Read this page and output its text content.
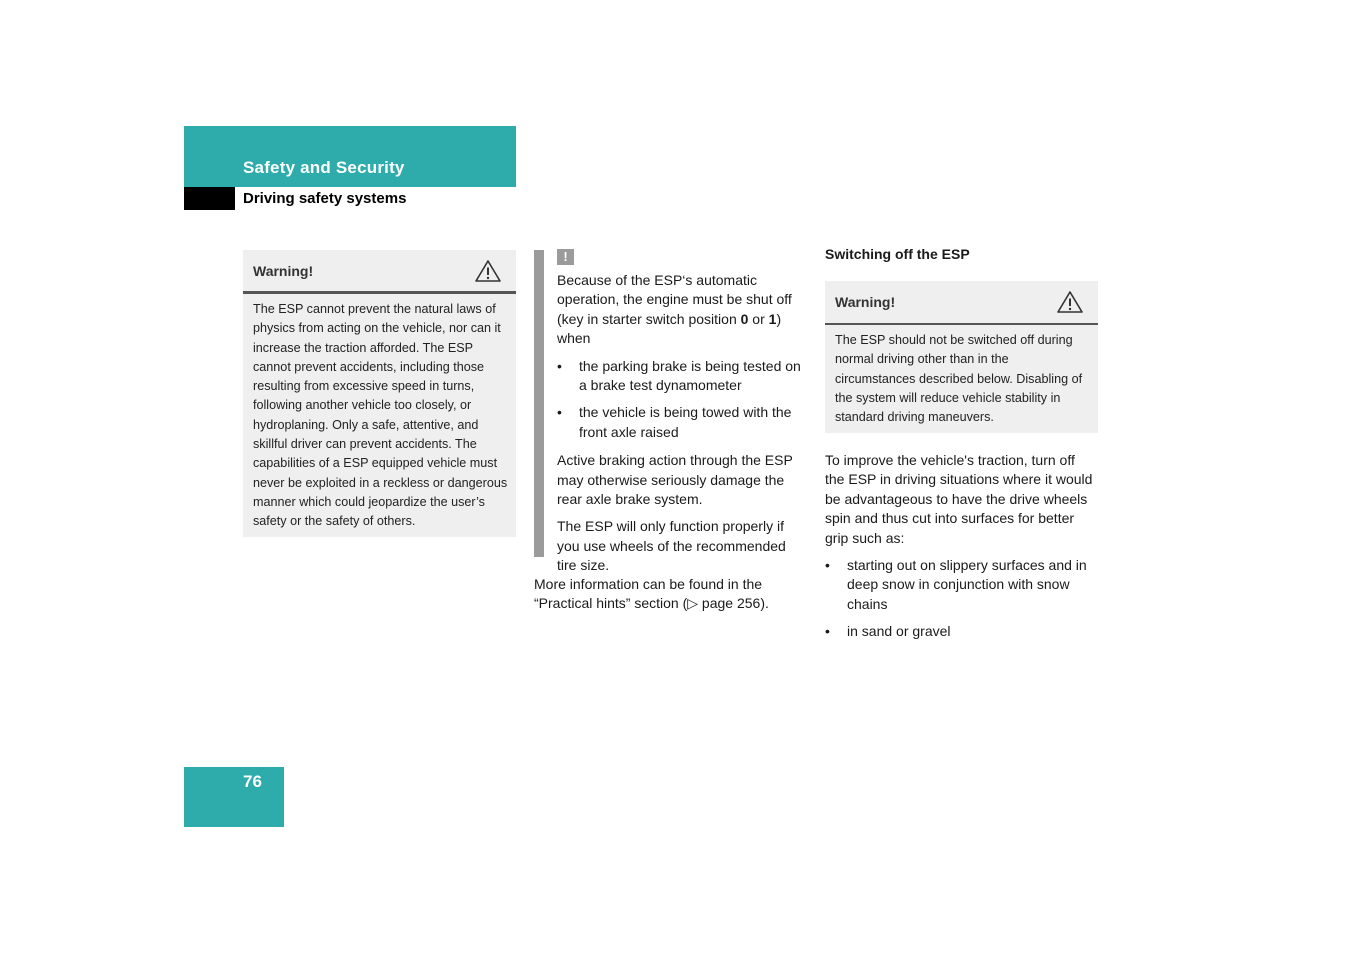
Safety and Security
Driving safety systems
Warning!
The ESP cannot prevent the natural laws of physics from acting on the vehicle, nor can it increase the traction afforded. The ESP cannot prevent accidents, including those resulting from excessive speed in turns, following another vehicle too closely, or hydroplaning. Only a safe, attentive, and skillful driver can prevent accidents. The capabilities of a ESP equipped vehicle must never be exploited in a reckless or dangerous manner which could jeopardize the user’s safety or the safety of others.
!

Because of the ESP‘s automatic operation, the engine must be shut off (key in starter switch position 0 or 1) when

• the parking brake is being tested on a brake test dynamometer
• the vehicle is being towed with the front axle raised

Active braking action through the ESP may otherwise seriously damage the rear axle brake system.

The ESP will only function properly if you use wheels of the recommended tire size.

More information can be found in the “Practical hints” section (▷ page 256).
Switching off the ESP
Warning!
The ESP should not be switched off during normal driving other than in the circumstances described below. Disabling of the system will reduce vehicle stability in standard driving maneuvers.

To improve the vehicle's traction, turn off the ESP in driving situations where it would be advantageous to have the drive wheels spin and thus cut into surfaces for better grip such as:

• starting out on slippery surfaces and in deep snow in conjunction with snow chains
• in sand or gravel
76
